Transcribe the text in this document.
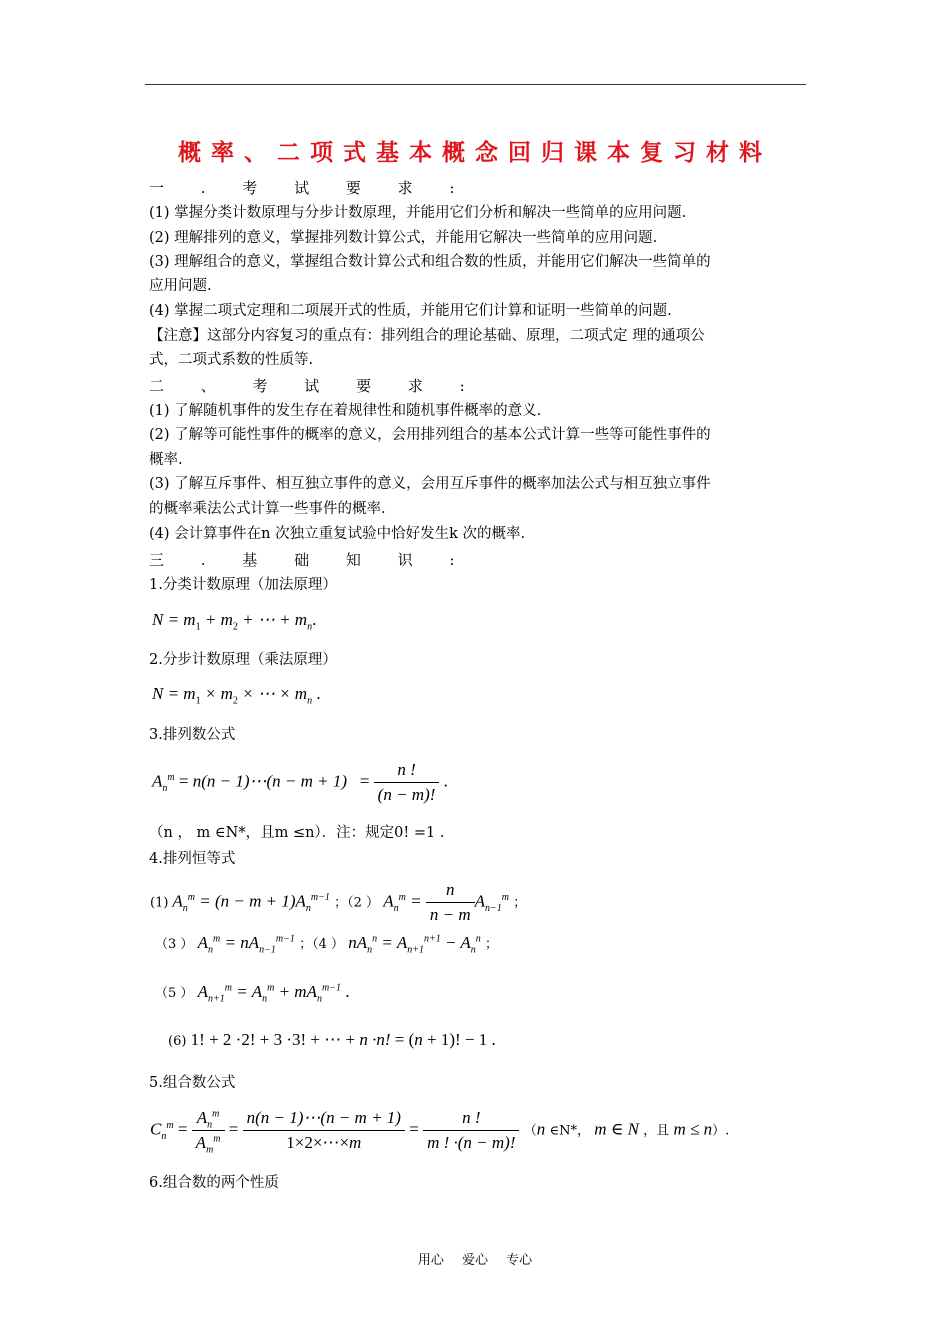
概率、二项式基本概念回归课本复习材料
一 . 考 试 要 求 :
(1) 掌握分类计数原理与分步计数原理，并能用它们分析和解决一些简单的应用问题.
(2) 理解排列的意义，掌握排列数计算公式，并能用它解决一些简单的应用问题.
(3) 理解组合的意义，掌握组合数计算公式和组合数的性质，并能用它们解决一些简单的
应用问题.
(4) 掌握二项式定理和二项展开式的性质，并能用它们计算和证明一些简单的问题.
【注意】这部分内容复习的重点有：排列组合的理论基础、原理，二项式定 理的通项公
式，二项式系数的性质等.
二 、 考 试 要 求 :
(1) 了解随机事件的发生存在着规律性和随机事件概率的意义.
(2) 了解等可能性事件的概率的意义，会用排列组合的基本公式计算一些等可能性事件的
概率.
(3) 了解互斥事件、相互独立事件的意义，会用互斥事件的概率加法公式与相互独立事件
的概率乘法公式计算一些事件的概率.
(4) 会计算事件在n 次独立重复试验中恰好发生k 次的概率.
三 . 基 础 知 识 :
1.分类计数原理（加法原理）
$N = m_1 + m_2$ + ⋯ + $m_n$.
2.分步计数原理（乘法原理）
$N = m_1 \times m_2$ × ⋯ × $m_n$ .
3.排列数公式
$A_n^m = n(n$ − 1)⋯(n − $m + 1) = \frac{n !}{(n - m)!}$ .
（n ， m ∈N*，且m ≤n）．注：规定0! =1 .
4.排列恒等式
(1) $A_n^m = (n - m + 1)A_n^{m-1}$ ；（2 ） $A_n^m = \frac{n}{n - m} A_{n-1}^m$ ；
（3 ） $A_n^m = nA_{n-1}^{m-1}$ ；（4 ） $nA_n^n = A_{n+1}^{n+1} - A_n^n$ ；
（5 ） $A_{n+1}^m = A_n^m + mA_n^{m-1}$ .
(6) 1! + 2 ·2! + 3 ·3! + ⋯ + n ·n! = (n + 1)! − 1 .
5.组合数公式
$C_n^m = \frac{A_n^m}{A_m^m} = \frac{n(n - 1)\cdots(n - m + 1)}{1\times 2\times\cdots\times m} = \frac{n !}{m ! \cdot(n - m)!} (n$ ∈N*， m ∈ N ，且 m ≤ n）.
6.组合数的两个性质
用心 爱心 专心
